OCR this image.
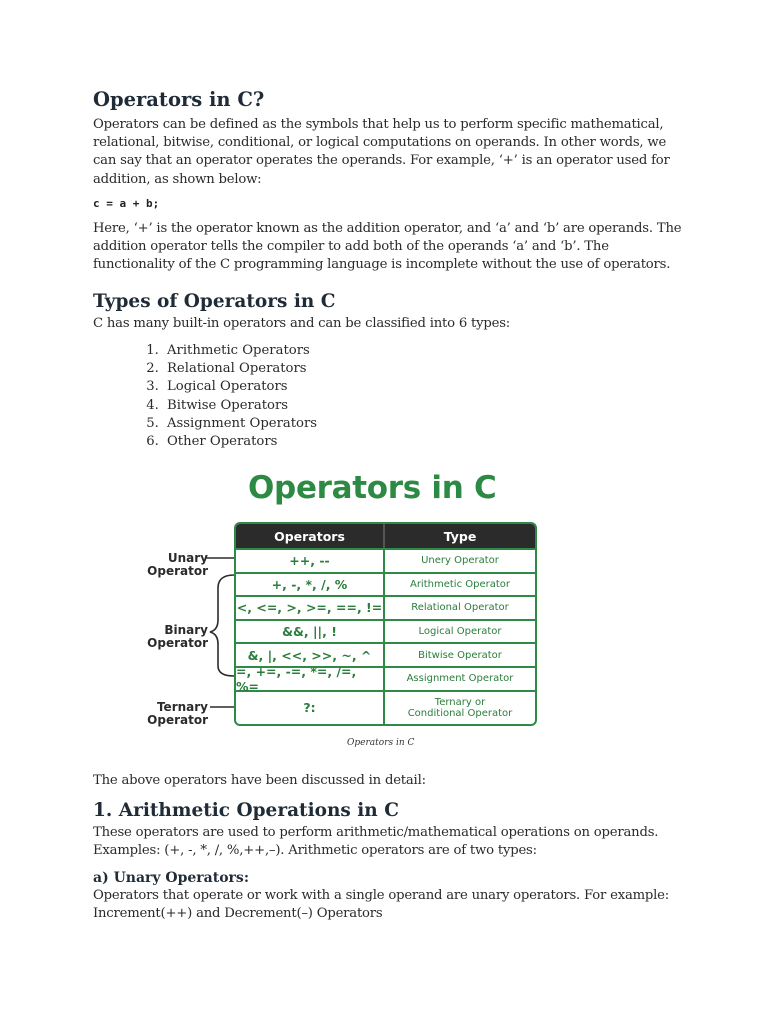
Operators in C?

Operators can be defined as the symbols that help us to perform specific mathematical, relational, bitwise, conditional, or logical computations on operands. In other words, we can say that an operator operates the operands. For example, ‘+’ is an operator used for addition, as shown below:

c = a + b;

Here, ‘+’ is the operator known as the addition operator, and ‘a’ and ‘b’ are operands. The addition operator tells the compiler to add both of the operands ‘a’ and ‘b’. The functionality of the C programming language is incomplete without the use of operators.

Types of Operators in C

C has many built-in operators and can be classified into 6 types:

1. Arithmetic Operators
2. Relational Operators
3. Logical Operators
4. Bitwise Operators
5. Assignment Operators
6. Other Operators
Operators in C
Unary
Operator
Binary
Operator
Ternary
Operator
Operators	Type
++, --	Unery Operator
+, -, *, /, %	Arithmetic Operator
<, <=, >, >=, ==, !=	Relational Operator
&&, ||, !	Logical Operator
&, |, <<, >>, ~, ^	Bitwise Operator
=, +=, -=, *=, /=, %=	Assignment Operator
?:	Ternary or
Conditional Operator
Operators in C

The above operators have been discussed in detail:

1. Arithmetic Operations in C

These operators are used to perform arithmetic/mathematical operations on operands. Examples: (+, -, *, /, %,++,–). Arithmetic operators are of two types:

a) Unary Operators:

Operators that operate or work with a single operand are unary operators. For example: Increment(++) and Decrement(–) Operators
